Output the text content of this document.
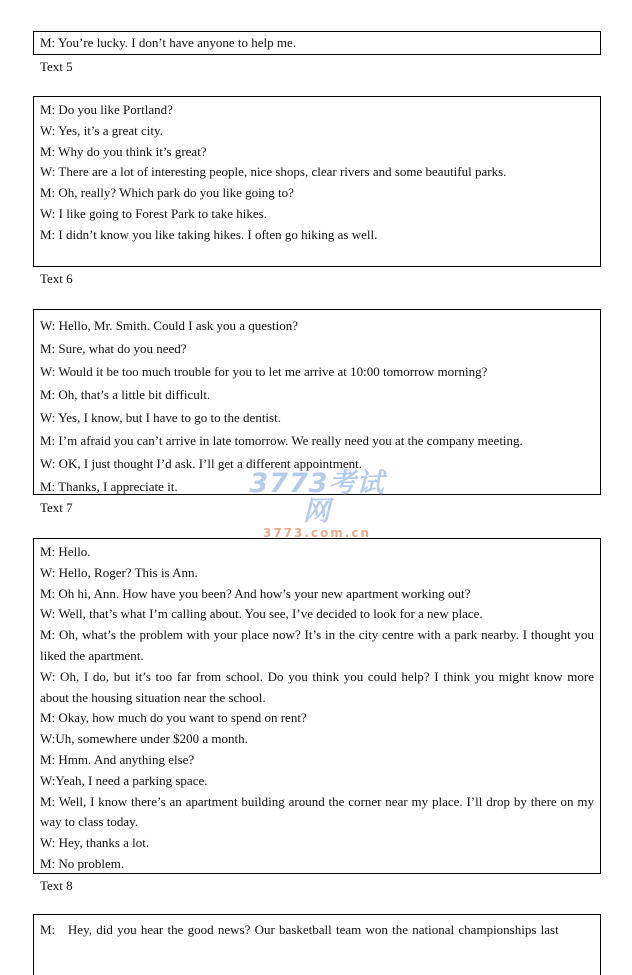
M: You’re lucky. I don’t have anyone to help me.
Text 5
M: Do you like Portland?
W: Yes, it’s a great city.
M: Why do you think it’s great?
W: There are a lot of interesting people, nice shops, clear rivers and some beautiful parks.
M: Oh, really? Which park do you like going to?
W: I like going to Forest Park to take hikes.
M: I didn’t know you like taking hikes. I often go hiking as well.
Text 6
W: Hello, Mr. Smith. Could I ask you a question?
M: Sure, what do you need?
W: Would it be too much trouble for you to let me arrive at 10:00 tomorrow morning?
M: Oh, that’s a little bit difficult.
W: Yes, I know, but I have to go to the dentist.
M: I’m afraid you can’t arrive in late tomorrow. We really need you at the company meeting.
W: OK, I just thought I’d ask. I’ll get a different appointment.
M: Thanks, I appreciate it.
Text 7
M: Hello.
W: Hello, Roger? This is Ann.
M: Oh hi, Ann. How have you been? And how’s your new apartment working out?
W: Well, that’s what I’m calling about. You see, I’ve decided to look for a new place.
M: Oh, what’s the problem with your place now? It’s in the city centre with a park nearby. I thought you liked the apartment.
W: Oh, I do, but it’s too far from school. Do you think you could help? I think you might know more about the housing situation near the school.
M: Okay, how much do you want to spend on rent?
W:Uh, somewhere under $200 a month.
M: Hmm. And anything else?
W:Yeah, I need a parking space.
M: Well, I know there’s an apartment building around the corner near my place. I’ll drop by there on my way to class today.
W: Hey, thanks a lot.
M: No problem.
Text 8
M:   Hey, did you hear the good news? Our basketball team won the national championships last
3773考试网
3773.com.cn
